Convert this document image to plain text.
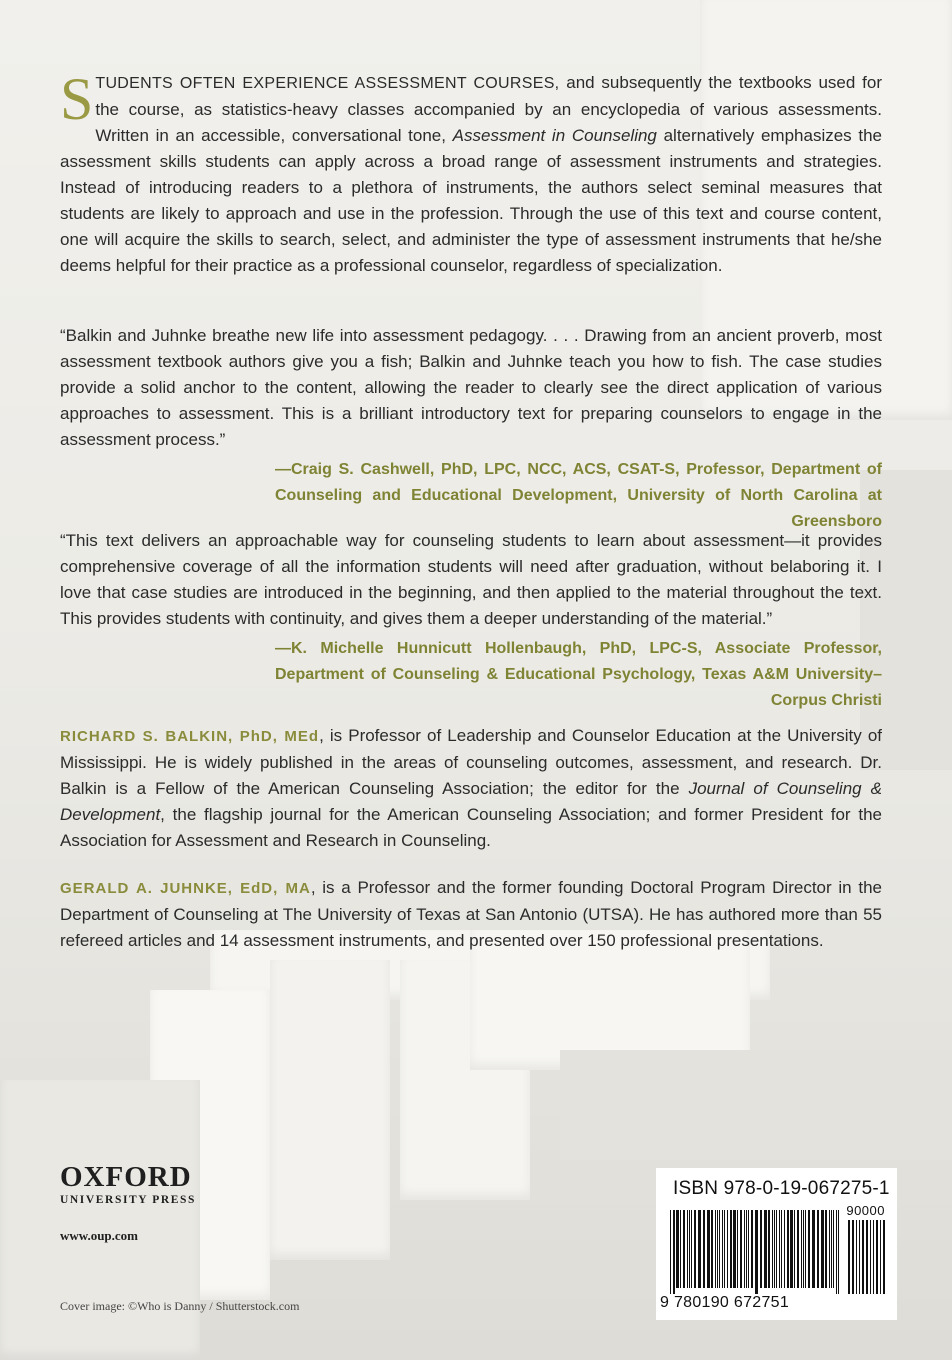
STUDENTS OFTEN EXPERIENCE ASSESSMENT COURSES, and subsequently the textbooks used for the course, as statistics-heavy classes accompanied by an encyclopedia of various assessments. Written in an accessible, conversational tone, Assessment in Counseling alternatively emphasizes the assessment skills students can apply across a broad range of assessment instruments and strategies. Instead of introducing readers to a plethora of instruments, the authors select seminal measures that students are likely to approach and use in the profession. Through the use of this text and course content, one will acquire the skills to search, select, and administer the type of assessment instruments that he/she deems helpful for their practice as a professional counselor, regardless of specialization.

“Balkin and Juhnke breathe new life into assessment pedagogy. . . . Drawing from an ancient proverb, most assessment textbook authors give you a fish; Balkin and Juhnke teach you how to fish. The case studies provide a solid anchor to the content, allowing the reader to clearly see the direct application of various approaches to assessment. This is a brilliant introductory text for preparing counselors to engage in the assessment process.”

—Craig S. Cashwell, PhD, LPC, NCC, ACS, CSAT-S, Professor, Department of Counseling and Educational Development, University of North Carolina at Greensboro

“This text delivers an approachable way for counseling students to learn about assessment—it provides comprehensive coverage of all the information students will need after graduation, without belaboring it. I love that case studies are introduced in the beginning, and then applied to the material throughout the text. This provides students with continuity, and gives them a deeper understanding of the material.”

—K. Michelle Hunnicutt Hollenbaugh, PhD, LPC-S, Associate Professor, Department of Counseling & Educational Psychology, Texas A&M University–Corpus Christi

RICHARD S. BALKIN, PhD, MEd, is Professor of Leadership and Counselor Education at the University of Mississippi. He is widely published in the areas of counseling outcomes, assessment, and research. Dr. Balkin is a Fellow of the American Counseling Association; the editor for the Journal of Counseling & Development, the flagship journal for the American Counseling Association; and former President for the Association for Assessment and Research in Counseling.

GERALD A. JUHNKE, EdD, MA, is a Professor and the former founding Doctoral Program Director in the Department of Counseling at The University of Texas at San Antonio (UTSA). He has authored more than 55 refereed articles and 14 assessment instruments, and presented over 150 professional presentations.

OXFORD
UNIVERSITY PRESS
www.oup.com
Cover image: ©Who is Danny / Shutterstock.com
ISBN 978-0-19-067275-1
90000
9 780190 672751
